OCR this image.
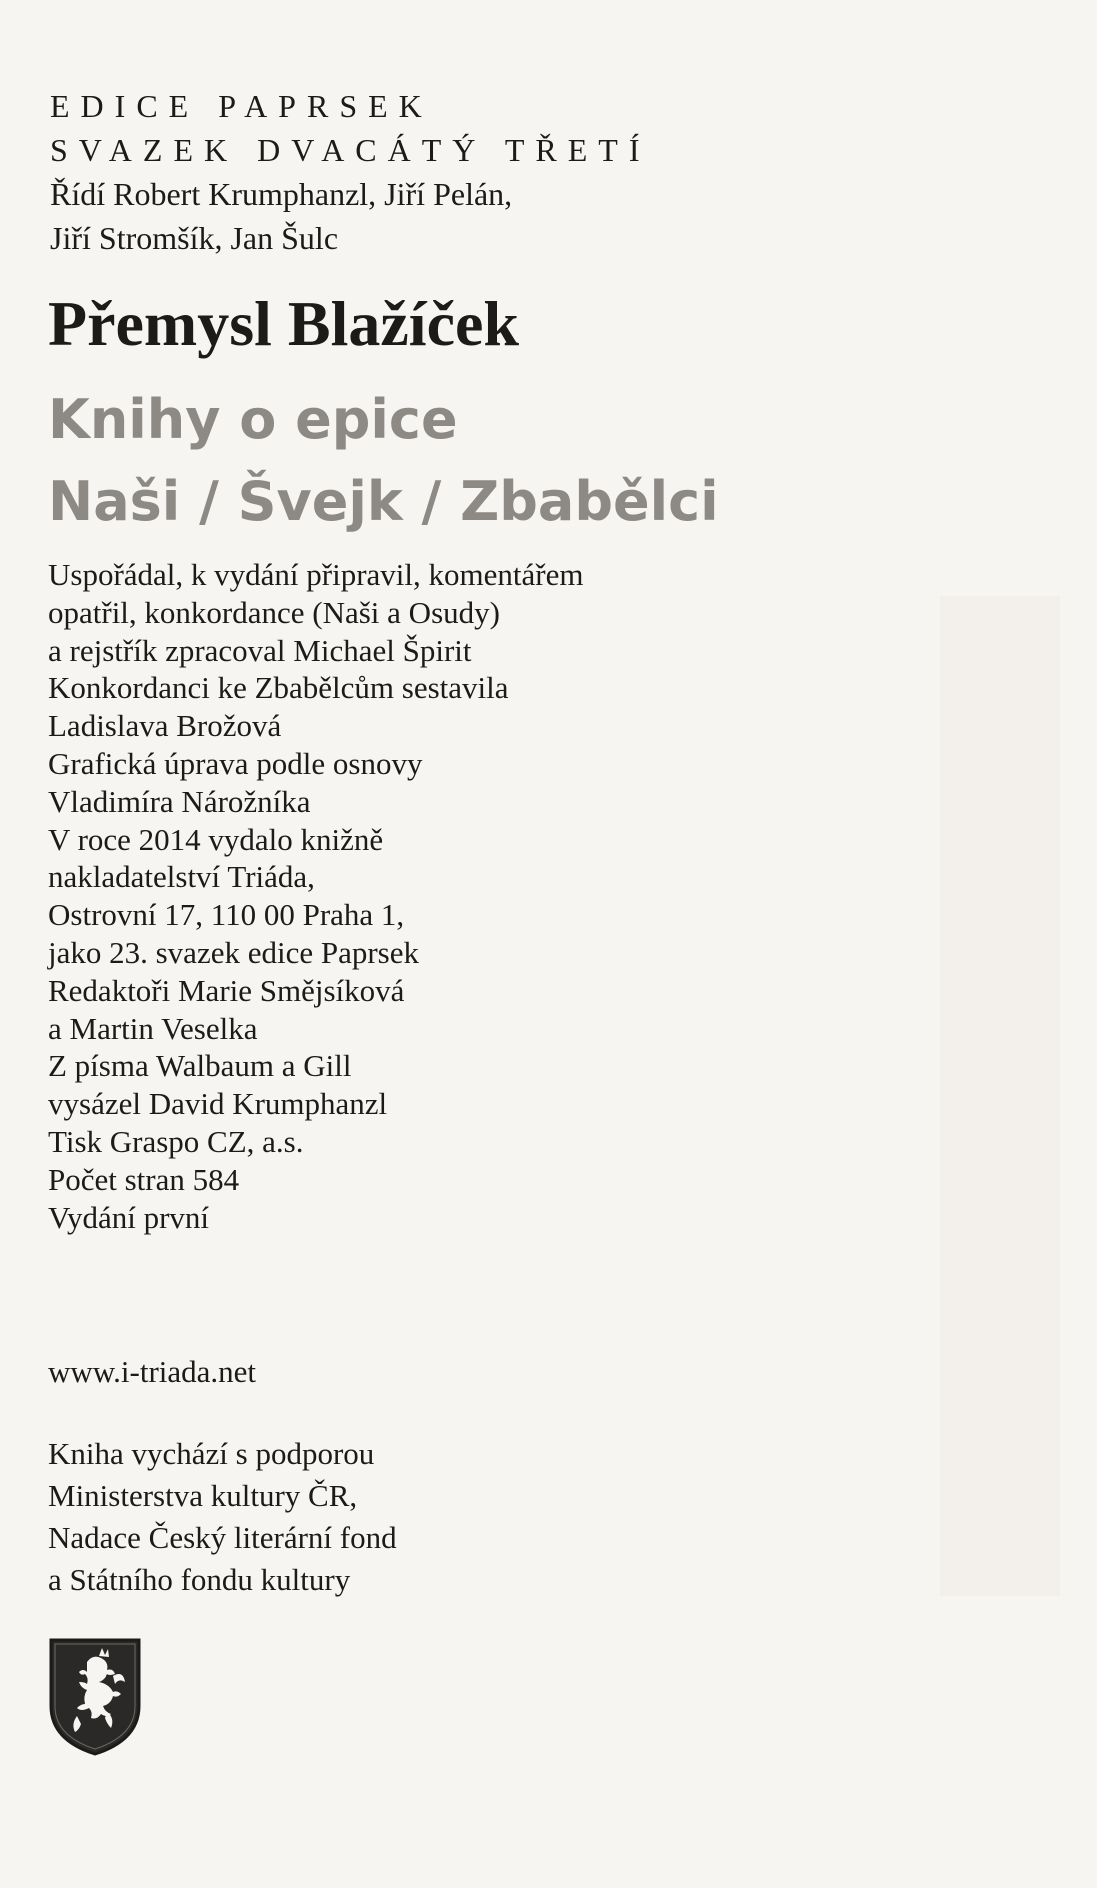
EDICE PAPRSEK
SVAZEK DVACÁTÝ TŘETÍ
Řídí Robert Krumphanzl, Jiří Pelán,
Jiří Stromšík, Jan Šulc
Přemysl Blažíček
Knihy o epice
Naši / Švejk / Zbabělci
Uspořádal, k vydání připravil, komentářem
opatřil, konkordance (Naši a Osudy)
a rejstřík zpracoval Michael Špirit
Konkordanci ke Zbabělcům sestavila
Ladislava Brožová
Grafická úprava podle osnovy
Vladimíra Nárožníka
V roce 2014 vydalo knižně
nakladatelství Triáda,
Ostrovní 17, 110 00 Praha 1,
jako 23. svazek edice Paprsek
Redaktoři Marie Smějsíková
a Martin Veselka
Z písma Walbaum a Gill
vysázel David Krumphanzl
Tisk Graspo CZ, a.s.
Počet stran 584
Vydání první
www.i-triada.net
Kniha vychází s podporou
Ministerstva kultury ČR,
Nadace Český literární fond
a Státního fondu kultury
